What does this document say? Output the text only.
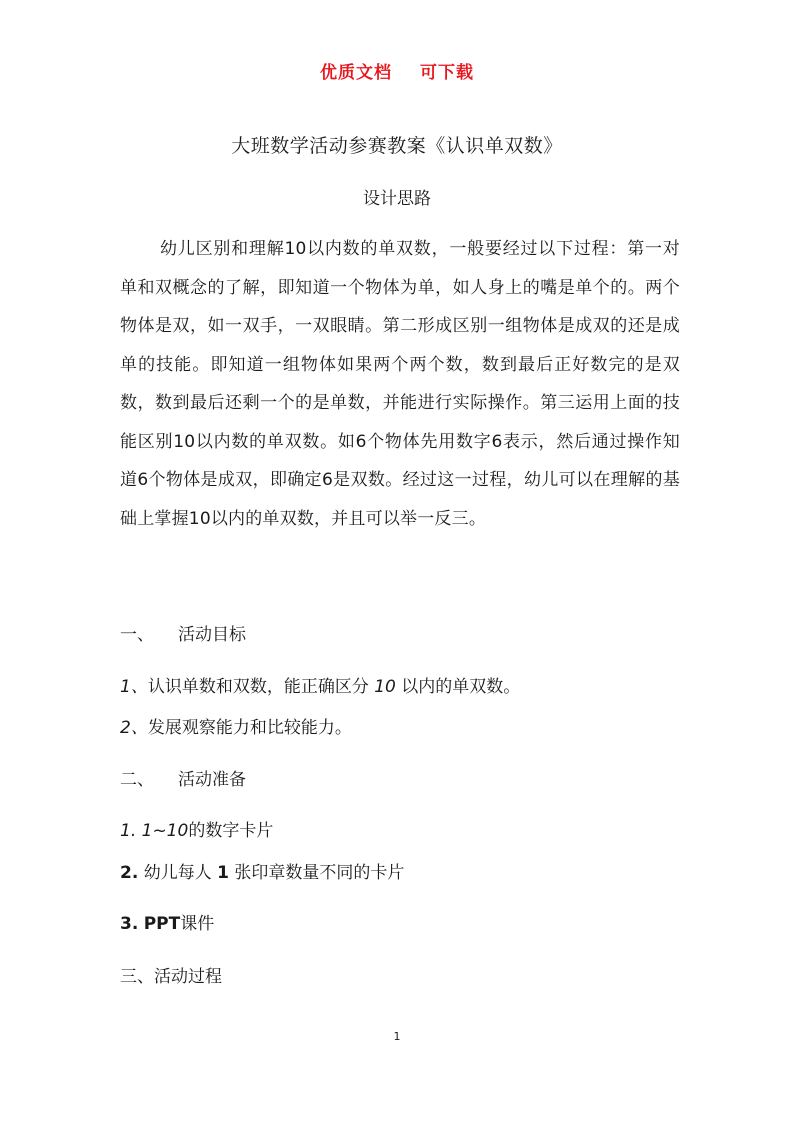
优质文档 可下载
大班数学活动参赛教案《认识单双数》
设计思路

幼儿区别和理解10以内数的单双数，一般要经过以下过程：第一对单和双概念的了解，即知道一个物体为单，如人身上的嘴是单个的。两个物体是双，如一双手，一双眼睛。第二形成区别一组物体是成双的还是成单的技能。即知道一组物体如果两个两个数，数到最后正好数完的是双数，数到最后还剩一个的是单数，并能进行实际操作。第三运用上面的技能区别10以内数的单双数。如6个物体先用数字6表示，然后通过操作知道6个物体是成双，即确定6是双数。经过这一过程，幼儿可以在理解的基础上掌握10以内的单双数，并且可以举一反三。

一、 活动目标
1、认识单数和双数，能正确区分 10 以内的单双数。
2、发展观察能力和比较能力。
二、 活动准备
1. 1~10的数字卡片
2. 幼儿每人 1 张印章数量不同的卡片
3. PPT课件
三、活动过程
1
